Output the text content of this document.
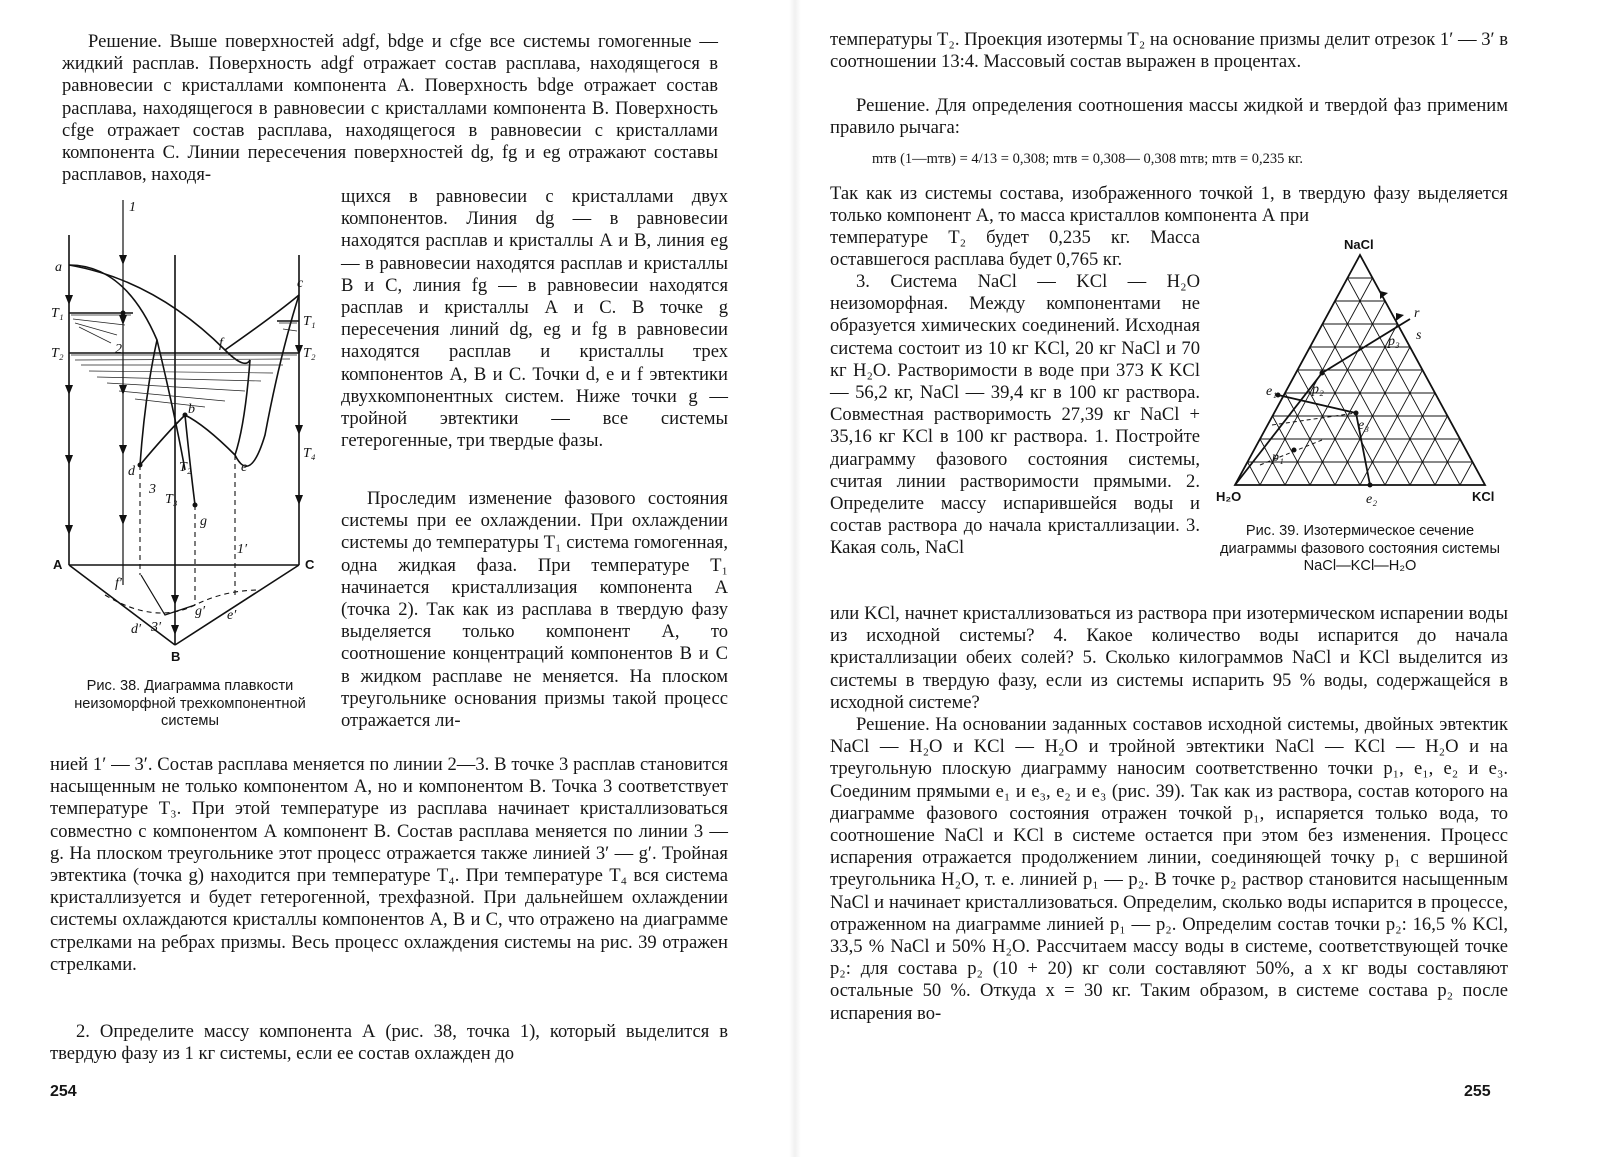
Решение. Выше поверхностей adgf, bdge и cfge все системы гомогенные — жидкий расплав. Поверхность adgf отражает состав расплава, находящегося в равновесии с кристаллами компонента А. Поверхность bdge отражает состав расплава, находящегося в равновесии с кристаллами компонента В. Поверхность cfge отражает состав расплава, находящегося в равновесии с кристаллами компонента С. Линии пересечения поверхностей dg, fg и eg отражают составы расплавов, находя-

a
b
c
d	e
f
g
A
B
C
T₁
T₁
T₂	T₂
T₄
T₂
T₃
1
2
3
f′
d′
e′
g′
3′
1′

щихся в равновесии с кристаллами двух компонентов. Линия dg — в равновесии находятся расплав и кристаллы А и В, линия eg — в равновесии находятся расплав и кристаллы В и С, линия fg — в равновесии находятся расплав и кристаллы А и С. В точке g пересечения линий dg, eg и fg в равновесии находятся расплав и кристаллы трех компонентов А, В и С. Точки d, e и f эвтектики двухкомпонентных систем. Ниже точки g — тройной эвтектики — все системы гетерогенные, три твердые фазы.

Проследим изменение фазового состояния системы при ее охлаждении. При охлаждении системы до температуры T₁ система гомогенная, одна жидкая фаза. При температуре T₁ начинается кристаллизация компонента А (точка 2). Так как из расплава в твердую фазу выделяется только компонент А, то соотношение концентраций компонентов В и С в жидком расплаве не меняется. На плоском треугольнике основания призмы такой процесс отражается ли-

Рис. 38. Диаграмма плавкости неизоморфной трехкомпонентной системы

нией 1′ — 3′. Состав расплава меняется по линии 2—3. В точке 3 расплав становится насыщенным не только компонентом А, но и компонентом В. Точка 3 соответствует температуре T₃. При этой температуре из расплава начинает кристаллизоваться совместно с компонентом А компонент В. Состав расплава меняется по линии 3 — g. На плоском треугольнике этот процесс отражается также линией 3′ — g′. Тройная эвтектика (точка g) находится при температуре T₄. При температуре T₄ вся система кристаллизуется и будет гетерогенной, трехфазной. При дальнейшем охлаждении системы охлаждаются кристаллы компонентов А, В и С, что отражено на диаграмме стрелками на ребрах призмы. Весь процесс охлаждения системы на рис. 39 отражен стрелками.

2. Определите массу компонента А (рис. 38, точка 1), который выделится в твердую фазу из 1 кг системы, если ее состав охлажден до

254

температуры T₂. Проекция изотермы T₂ на основание призмы делит отрезок 1′ — 3′ в соотношении 13:4. Массовый состав выражен в процентах.

Решение. Для определения соотношения массы жидкой и твердой фаз применим правило рычага:

mтв (1—mтв) = 4/13 = 0,308; mтв = 0,308— 0,308 mтв; mтв = 0,235 кг.

Так как из системы состава, изображенного точкой 1, в твердую фазу выделяется только компонент А, то масса кристаллов компонента А при

температуре T₂ будет 0,235 кг. Масса оставшегося расплава будет 0,765 кг.

NaCl
H₂O	KCl
e₁
e₂
e₃
p₁
p₂
p₃
r
s

3. Система NaCl — KCl — H₂O неизоморфная. Между компонентами не образуется химических соединений. Исходная система состоит из 10 кг KCl, 20 кг NaCl и 70 кг H₂O. Растворимости в воде при 373 К KCl — 56,2 кг, NaCl — 39,4 кг в 100 кг раствора. Совместная растворимость 27,39 кг NaCl + 35,16 кг KCl в 100 кг раствора. 1. Постройте диаграмму фазового состояния системы, считая линии растворимости прямыми. 2. Определите массу испарившейся воды и состав раствора до начала кристаллизации. 3. Какая соль, NaCl

Рис. 39. Изотермическое сечение диаграммы фазового состояния системы NaCl—KCl—H₂O

или KCl, начнет кристаллизоваться из раствора при изотермическом испарении воды из исходной системы? 4. Какое количество воды испарится до начала кристаллизации обеих солей? 5. Сколько килограммов NaCl и KCl выделится из системы в твердую фазу, если из системы испарить 95 % воды, содержащейся в исходной системе?

Решение. На основании заданных составов исходной системы, двойных эвтектик NaCl — H₂O и KCl — H₂O и тройной эвтектики NaCl — KCl — H₂O и на треугольную плоскую диаграмму наносим соответственно точки p₁, e₁, e₂ и e₃. Соединим прямыми e₁ и e₃, e₂ и e₃ (рис. 39). Так как из раствора, состав которого на диаграмме фазового состояния отражен точкой p₁, испаряется только вода, то соотношение NaCl и KCl в системе остается при этом без изменения. Процесс испарения отражается продолжением линии, соединяющей точку p₁ с вершиной треугольника H₂O, т. е. линией p₁ — p₂. В точке p₂ раствор становится насыщенным NaCl и начинает кристаллизоваться. Определим, сколько воды испарится в процессе, отраженном на диаграмме линией p₁ — p₂. Определим состав точки p₂: 16,5 % KCl, 33,5 % NaCl и 50% H₂O. Рассчитаем массу воды в системе, соответствующей точке p₂: для состава p₂ (10 + 20) кг соли составляют 50%, а x кг воды составляют остальные 50 %. Откуда x = 30 кг. Таким образом, в системе состава p₂ после испарения во-

255
